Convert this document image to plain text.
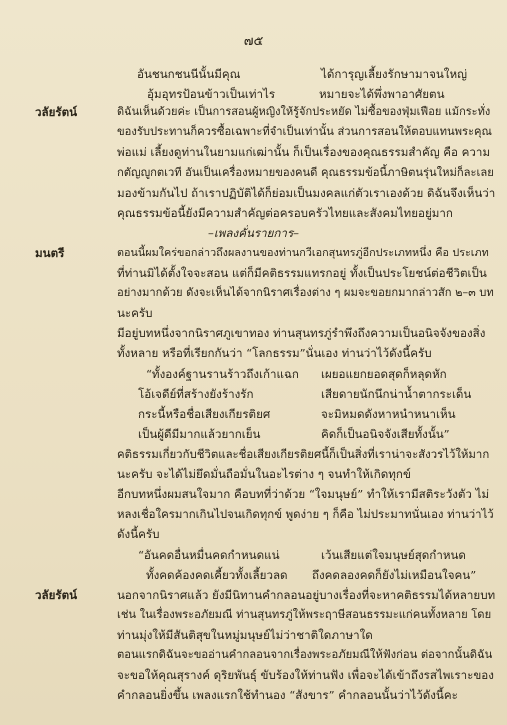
๗๕
อันชนกชนนีนั้นมีคุณ	ได้การุญเลี้ยงรักษามาจนใหญ่
อุ้มอุทรป้อนข้าวเป็นเท่าไร	หมายจะได้พึ่งพาอาศัยตน
วลัยรัตน์	ดิฉันเห็นด้วยค่ะ เป็นการสอนผู้หญิงให้รู้จักประหยัด ไม่ซื้อของฟุ่มเฟือย แม้กระทั่ง
ของรับประทานก็ควรซื้อเฉพาะที่จำเป็นเท่านั้น ส่วนการสอนให้ตอบแทนพระคุณ
พ่อแม่ เลี้ยงดูท่านในยามแก่เฒ่านั้น ก็เป็นเรื่องของคุณธรรมสำคัญ คือ ความ
กตัญญูกตเวที อันเป็นเครื่องหมายของคนดี คุณธรรมข้อนี้ภาษิตนรุ่นใหม่ก็ละเลย
มองข้ามกันไป ถ้าเราปฏิบัติได้ก็ย่อมเป็นมงคลแก่ตัวเราเองด้วย ดิฉันจึงเห็นว่า
คุณธรรมข้อนี้ยังมีความสำคัญต่อครอบครัวไทยและสังคมไทยอยู่มาก
–เพลงคั่นรายการ–
มนตรี	ตอนนี้ผมใคร่ขอกล่าวถึงผลงานของท่านกวีเอกสุนทรภู่อีกประเภทหนึ่ง คือ ประเภท
ที่ท่านมิได้ตั้งใจจะสอน แต่ก็มีคติธรรมแทรกอยู่ ทั้งเป็นประโยชน์ต่อชีวิตเป็น
อย่างมากด้วย ดังจะเห็นได้จากนิราศเรื่องต่าง ๆ ผมจะขอยกมากล่าวสัก ๒–๓ บท
นะครับ
มีอยู่บทหนึ่งจากนิราศภูเขาทอง ท่านสุนทรภู่รำพึงถึงความเป็นอนิจจังของสิ่ง
ทั้งหลาย หรือที่เรียกกันว่า “โลกธรรม”นั่นเอง ท่านว่าไว้ดังนี้ครับ
“ทั้งองค์ฐานรานร้าวถึงเก้าแฉก เผยอแยกยอดสุดก็หลุดหัก
โอ้เจดีย์ที่สร้างยังร้างรัก	เสียดายนักนึกน่าน้ำตากระเด็น
กระนี้หรือชื่อเสียงเกียรติยศ	จะมิหมดดังหาหนำหนาเห็น
เป็นผู้ดีมีมากแล้วยากเย็น	คิดก็เป็นอนิจจังเสียทั้งนั้น”
คติธรรมเกี่ยวกับชีวิตและชื่อเสียงเกียรติยศนี้ก็เป็นสิ่งที่เราน่าจะสังวรไว้ให้มาก
นะครับ จะได้ไม่ยึดมั่นถือมั่นในอะไรต่าง ๆ จนทำให้เกิดทุกข์
อีกบทหนึ่งผมสนใจมาก คือบทที่ว่าด้วย “ใจมนุษย์” ทำให้เรามีสติระวังตัว ไม่
หลงเชื่อใครมากเกินไปจนเกิดทุกข์ พูดง่าย ๆ ก็คือ ไม่ประมาทนั่นเอง ท่านว่าไว้
ดังนี้ครับ
“อันคดอื่นหมื่นคดกำหนดแน่	เว้นเสียแต่ใจมนุษย์สุดกำหนด
ทั้งคดค้องคดเคี้ยวทั้งเลี้ยวลด ถึงคดลองคดก็ยังไม่เหมือนใจคน”
วลัยรัตน์	นอกจากนิราศแล้ว ยังมีนิทานคำกลอนอยู่บางเรื่องที่จะหาคติธรรมได้หลายบท
เช่น ในเรื่องพระอภัยมณี ท่านสุนทรภู่ให้พระฤาษีสอนธรรมะแก่คนทั้งหลาย โดย
ท่านมุ่งให้มีสันติสุขในหมู่มนุษย์ไม่ว่าชาติใดภาษาใด
ตอนแรกดิฉันจะขออ่านคำกลอนจากเรื่องพระอภัยมณีให้ฟังก่อน ต่อจากนั้นดิฉัน
จะขอให้คุณสุรางค์ ดุริยพันธุ์ ขับร้องให้ท่านฟัง เพื่อจะได้เข้าถึงรสไพเราะของ
คำกลอนยิ่งขึ้น เพลงแรกใช้ทำนอง “สังขาร” คำกลอนนั้นว่าไว้ดังนี้คะ
